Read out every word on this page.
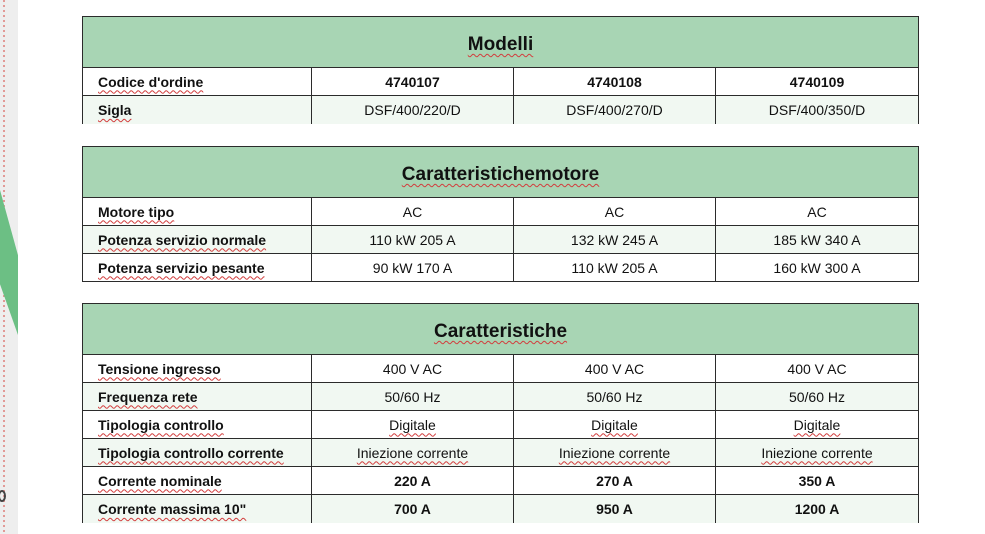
Modelli			
Codice d'ordine	4740107	4740108	4740109
Sigla	DSF/400/220/D	DSF/400/270/D	DSF/400/350/D
Caratteristichemotore			
Motore tipo	AC	AC	AC
Potenza servizio normale	110 kW 205 A	132 kW 245 A	185 kW 340 A
Potenza servizio pesante	90 kW 170 A	110 kW 205 A	160 kW 300 A
Caratteristiche			
Tensione ingresso	400 V AC	400 V AC	400 V AC
Frequenza rete	50/60 Hz	50/60 Hz	50/60 Hz
Tipologia controllo	Digitale	Digitale	Digitale
Tipologia controllo corrente	Iniezione corrente	Iniezione corrente	Iniezione corrente
Corrente nominale	220 A	270 A	350 A
Corrente massima 10"	700 A	950 A	1200 A
